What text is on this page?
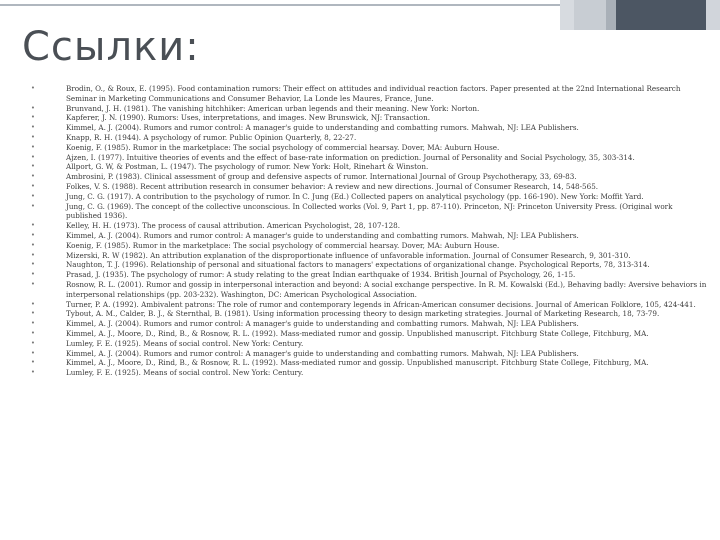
Ссылки:
•	Brodin, O., & Roux, E. (1995). Food contamination rumors: Their effect on attitudes and individual reaction factors. Paper presented at the 22nd International Research Seminar in Marketing Communications and Consumer Behavior, La Londe les Maures, France, June.
•	Brunvand, J. H. (1981). The vanishing hitchhiker: American urban legends and their meaning. New York: Norton.
•	Kapferer, J. N. (1990). Rumors: Uses, interpretations, and images. New Brunswick, NJ: Transaction.
•	Kimmel, A. J. (2004). Rumors and rumor control: A manager's guide to understanding and combatting rumors. Mahwah, NJ: LEA Publishers.
•	Knapp, R. H. (1944). A psychology of rumor. Public Opinion Quarterly, 8, 22-27.
•	Koenig, F. (1985). Rumor in the marketplace: The social psychology of commercial hearsay. Dover, MA: Auburn House.
•	Ajzen, I. (1977). Intuitive theories of events and the effect of base-rate information on prediction. Journal of Personality and Social Psychology, 35, 303-314.
•	Allport, G. W, & Postman, L. (1947). The psychology of rumor. New York: Holt, Rinehart & Winston.
•	Ambrosini, P. (1983). Clinical assessment of group and defensive aspects of rumor. International Journal of Group Psychotherapy, 33, 69-83.
•	Folkes, V. S. (1988). Recent attribution research in consumer behavior: A review and new directions. Journal of Consumer Research, 14, 548-565.
•	Jung, C. G. (1917). A contribution to the psychology of rumor. In C. Jung (Ed.) Collected papers on analytical psychology (pp. 166-190). New York: Moffit Yard.
•	Jung, C. G. (1969). The concept of the collective unconscious. In Collected works (Vol. 9, Part 1, pp. 87-110). Princeton, NJ: Princeton University Press. (Original work published 1936).
•	Kelley, H. H. (1973). The process of causal attribution. American Psychologist, 28, 107-128.
•	Kimmel, A. J. (2004). Rumors and rumor control: A manager's guide to understanding and combatting rumors. Mahwah, NJ: LEA Publishers.
•	Koenig, F. (1985). Rumor in the marketplace: The social psychology of commercial hearsay. Dover, MA: Auburn House.
•	Mizerski, R. W (1982). An attribution explanation of the disproportionate influence of unfavorable information. Journal of Consumer Research, 9, 301-310.
•	Naughton, T. J. (1996). Relationship of personal and situational factors to managers' expectations of organizational change. Psychological Reports, 78, 313-314.
•	Prasad, J. (1935). The psychology of rumor: A study relating to the great Indian earthquake of 1934. British Journal of Psychology, 26, 1-15.
•	Rosnow, R. L. (2001). Rumor and gossip in interpersonal interaction and beyond: A social exchange perspective. In R. M. Kowalski (Ed.), Behaving badly: Aversive behaviors in interpersonal relationships (pp. 203-232). Washington, DC: American Psychological Association.
•	Turner, P. A. (1992). Ambivalent patrons: The role of rumor and contemporary legends in African-American consumer decisions. Journal of American Folklore, 105, 424-441.
•	Tybout, A. M., Calder, B. J., & Sternthal, B. (1981). Using information processing theory to design marketing strategies. Journal of Marketing Research, 18, 73-79.
•	Kimmel, A. J. (2004). Rumors and rumor control: A manager's guide to understanding and combatting rumors. Mahwah, NJ: LEA Publishers.
•	Kimmel, A. J., Moore, D., Rind, B., & Rosnow, R. L. (1992). Mass-mediated rumor and gossip. Unpublished manuscript. Fitchburg State College, Fitchburg, MA.
•	Lumley, F. E. (1925). Means of social control. New York: Century.
•	Kimmel, A. J. (2004). Rumors and rumor control: A manager's guide to understanding and combatting rumors. Mahwah, NJ: LEA Publishers.
•	Kimmel, A. J., Moore, D., Rind, B., & Rosnow, R. L. (1992). Mass-mediated rumor and gossip. Unpublished manuscript. Fitchburg State College, Fitchburg, MA.
•	Lumley, F. E. (1925). Means of social control. New York: Century.
